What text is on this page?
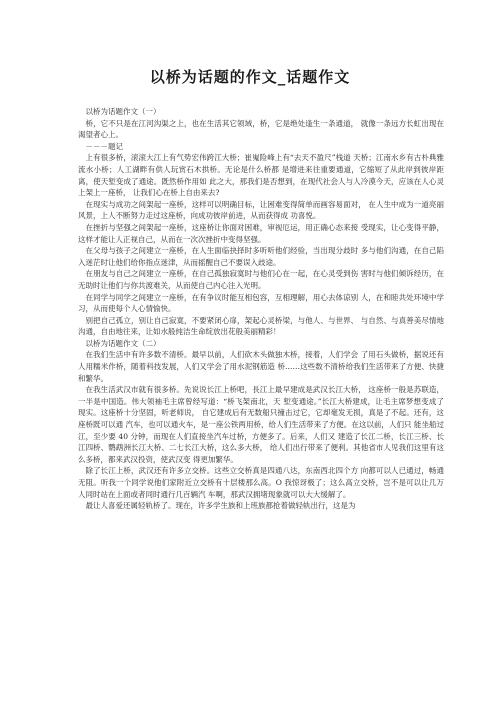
以桥为话题的作文_话题作文

以桥为话题作文（一）

桥，它不只是在江河沟渠之上，也在生活其它领域，桥，它是绝处逢生一条通道， 就像一条远方长虹出现在渴望者心上。

－－－题记

上有很多桥，滚滚大江上有气势宏伟跨江大桥；崔嵬险峰上有“去天不盈尺”栈道 天桥；江南水乡有古朴典雅流水小桥；人工湖畔有供人玩赏石木拱桥。无论是什么桥都 是增进来往重要通道，它缩短了从此岸到彼岸距离，使天堑变成了通途。既然桥作用如 此之大，那我们是否想到，在现代社会人与人冷漠今天，应该在人心灵上架上一座桥， 让我们心在桥上自由来去?

在现实与成功之间架起一座桥，这样可以明确目标，让困难变得简单而画容易面对， 在人生中成为一道亮丽风景，上人不断努力走过这座桥，向成功彼岸前进，从而获得成 功喜悦。

在挫折与坚强之间架起一座桥，这座桥让你面对困难，审视厄运，用正确心态来接 受现实，让心变得平静，这样才能让人正视自己，从而在一次次挫折中变得坚强。

在父母与孩子之间建立一座桥，在人生面临抉择时多听听他们经验，当出现分歧时 多与他们沟通，在自己陷入迷茫时让他们给你指点迷津，从而摇醒自己不要误入歧途。

在朋友与自己之间建立一座桥，在自己孤独寂寞时与他们心在一起，在心灵受到伤 害时与他们倾诉经历，在无助时让他们与你共渡难关，从而使自己内心注入光明。

在同学与同学之间建立一座桥，在有争议时能互相包容，互相理解，用心去体谅别 人，在和睦共处环境中学习，从而使每个人心情愉快。

别把自己孤立，别让自己寂寞，不要紧闭心扉，架起心灵桥梁，与他人、与世界、 与自然、与真善美尽情地沟通，自由地往来，让如水般纯洁生命绽放出花般美丽精彩！

以桥为话题作文（二）

在我们生活中有许多数不清桥。最早以前，人们砍木头做独木桥，接着，人们学会 了用石头做桥，据说还有人用糯米作桥，随着科技发展，人们又学会了用水泥钢筋造 桥……这些数不清桥给我们生活带来了方便、快捷和繁华。

在我生活武汉市就有很多桥。先说说长江上桥吧，長江上最早建成是武汉长江大桥， 这座桥一般是苏联造，一半是中国造。伟大领袖毛主席曾经写道：“桥飞架南北，天 堑变通途。”长江大桥建成，让毛主席梦想变成了现实。这座桥十分坚固，听老师说， 自它建成后有无数船只撞击过它，它却毫发无损，真是了不起。还有，这座桥既可以通 汽车，也可以通火车，是一座公铁两用桥，给人们生活带来了方便。在这以前，人们只 能坐船过江，至少要 40 分钟，而现在人们直接坐汽车过桥，方便多了。后来，人们又 建造了长江二桥，长江三桥、长江四桥、鹦鹉洲长江大桥、二七长江大桥，这么多大桥， 给人们出行带来了便利。其他省市人见我们这里有这么多桥，都来武汉投资，使武汉变 得更加繁华。

除了长江上桥，武汉还有许多立交桥。这些立交桥真是四通八达，东南西北四个方 向都可以人已通过，畅通无阻。听我一个同学说他们家附近立交桥有十层楼那么高。O 我惊讶极了；这么高立交桥，岂不是可以让几万人同时站在上面或者同时通行几百辆汽 车啊，那武汉拥堵现象就可以大大缓解了。

最让人喜爱还属轻轨桥了。现在，许多学生族和上班族都抢着做轻轨出行，这是为
